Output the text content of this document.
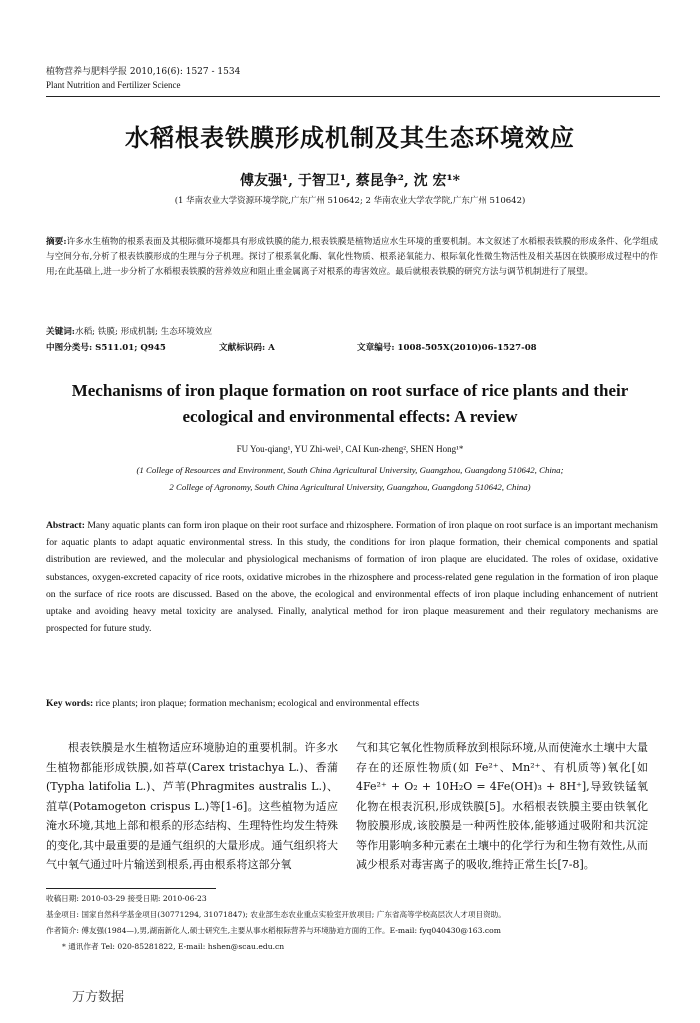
植物营养与肥料学报 2010,16(6): 1527 - 1534
Plant Nutrition and Fertilizer Science
水稻根表铁膜形成机制及其生态环境效应
傅友强¹, 于智卫¹, 蔡昆争², 沈 宏¹*
(1 华南农业大学资源环境学院,广东广州 510642; 2 华南农业大学农学院,广东广州 510642)
摘要:许多水生植物的根系表面及其根际微环境都具有形成铁膜的能力,根表铁膜是植物适应水生环境的重要机制。本文叙述了水稻根表铁膜的形成条件、化学组成与空间分布,分析了根表铁膜形成的生理与分子机理。探讨了根系氧化酶、氧化性物质、根系泌氧能力、根际氧化性微生物活性及相关基因在铁膜形成过程中的作用;在此基础上,进一步分析了水稻根表铁膜的营养效应和阻止重金属离子对根系的毒害效应。最后就根表铁膜的研究方法与调节机制进行了展望。
关键词:水稻; 铁膜; 形成机制; 生态环境效应
中图分类号: S511.01; Q945	文献标识码: A	文章编号: 1008-505X(2010)06-1527-08
Mechanisms of iron plaque formation on root surface of rice plants and their ecological and environmental effects: A review
FU You-qiang¹, YU Zhi-wei¹, CAI Kun-zheng², SHEN Hong¹*
(1 College of Resources and Environment, South China Agricultural University, Guangzhou, Guangdong 510642, China;
2 College of Agronomy, South China Agricultural University, Guangzhou, Guangdong 510642, China)
Abstract: Many aquatic plants can form iron plaque on their root surface and rhizosphere. Formation of iron plaque on root surface is an important mechanism for aquatic plants to adapt aquatic environmental stress. In this study, the conditions for iron plaque formation, their chemical components and spatial distribution are reviewed, and the molecular and physiological mechanisms of formation of iron plaque are elucidated. The roles of oxidase, oxidative substances, oxygen-excreted capacity of rice roots, oxidative microbes in the rhizosphere and process-related gene regulation in the formation of iron plaque on the surface of rice roots are discussed. Based on the above, the ecological and environmental effects of iron plaque including enhancement of nutrient uptake and avoiding heavy metal toxicity are analysed. Finally, analytical method for iron plaque measurement and their regulatory mechanisms are prospected for future study.
Key words: rice plants; iron plaque; formation mechanism; ecological and environmental effects
根表铁膜是水生植物适应环境胁迫的重要机制。许多水生植物都能形成铁膜,如苔草(Carex tristachya L.)、香蒲(Typha latifolia L.)、芦苇(Phragmites australis L.)、菹草(Potamogeton crispus L.)等[1-6]。这些植物为适应淹水环境,其地上部和根系的形态结构、生理特性均发生特殊的变化,其中最重要的是通气组织的大量形成。通气组织将大气中氧气通过叶片输送到根系,再由根系将这部分氧
气和其它氧化性物质释放到根际环境,从而使淹水土壤中大量存在的还原性物质(如 Fe²⁺、Mn²⁺、有机质等)氧化[如 4Fe²⁺ + O₂ + 10H₂O = 4Fe(OH)₃ + 8H⁺],导致铁锰氧化物在根表沉积,形成铁膜[5]。水稻根表铁膜主要由铁氧化物胶膜形成,该胶膜是一种两性胶体,能够通过吸附和共沉淀等作用影响多种元素在土壤中的化学行为和生物有效性,从而减少根系对毒害离子的吸收,维持正常生长[7-8]。
收稿日期: 2010-03-29 接受日期: 2010-06-23
基金项目: 国家自然科学基金项目(30771294, 31071847); 农业部生态农业重点实验室开放项目; 广东省高等学校高层次人才项目资助。
作者简介: 傅友强(1984—),男,湖南新化人,硕士研究生,主要从事水稻根际营养与环境胁迫方面的工作。E-mail: fyq040430@163.com
* 通讯作者 Tel: 020-85281822, E-mail: hshen@scau.edu.cn
万方数据
